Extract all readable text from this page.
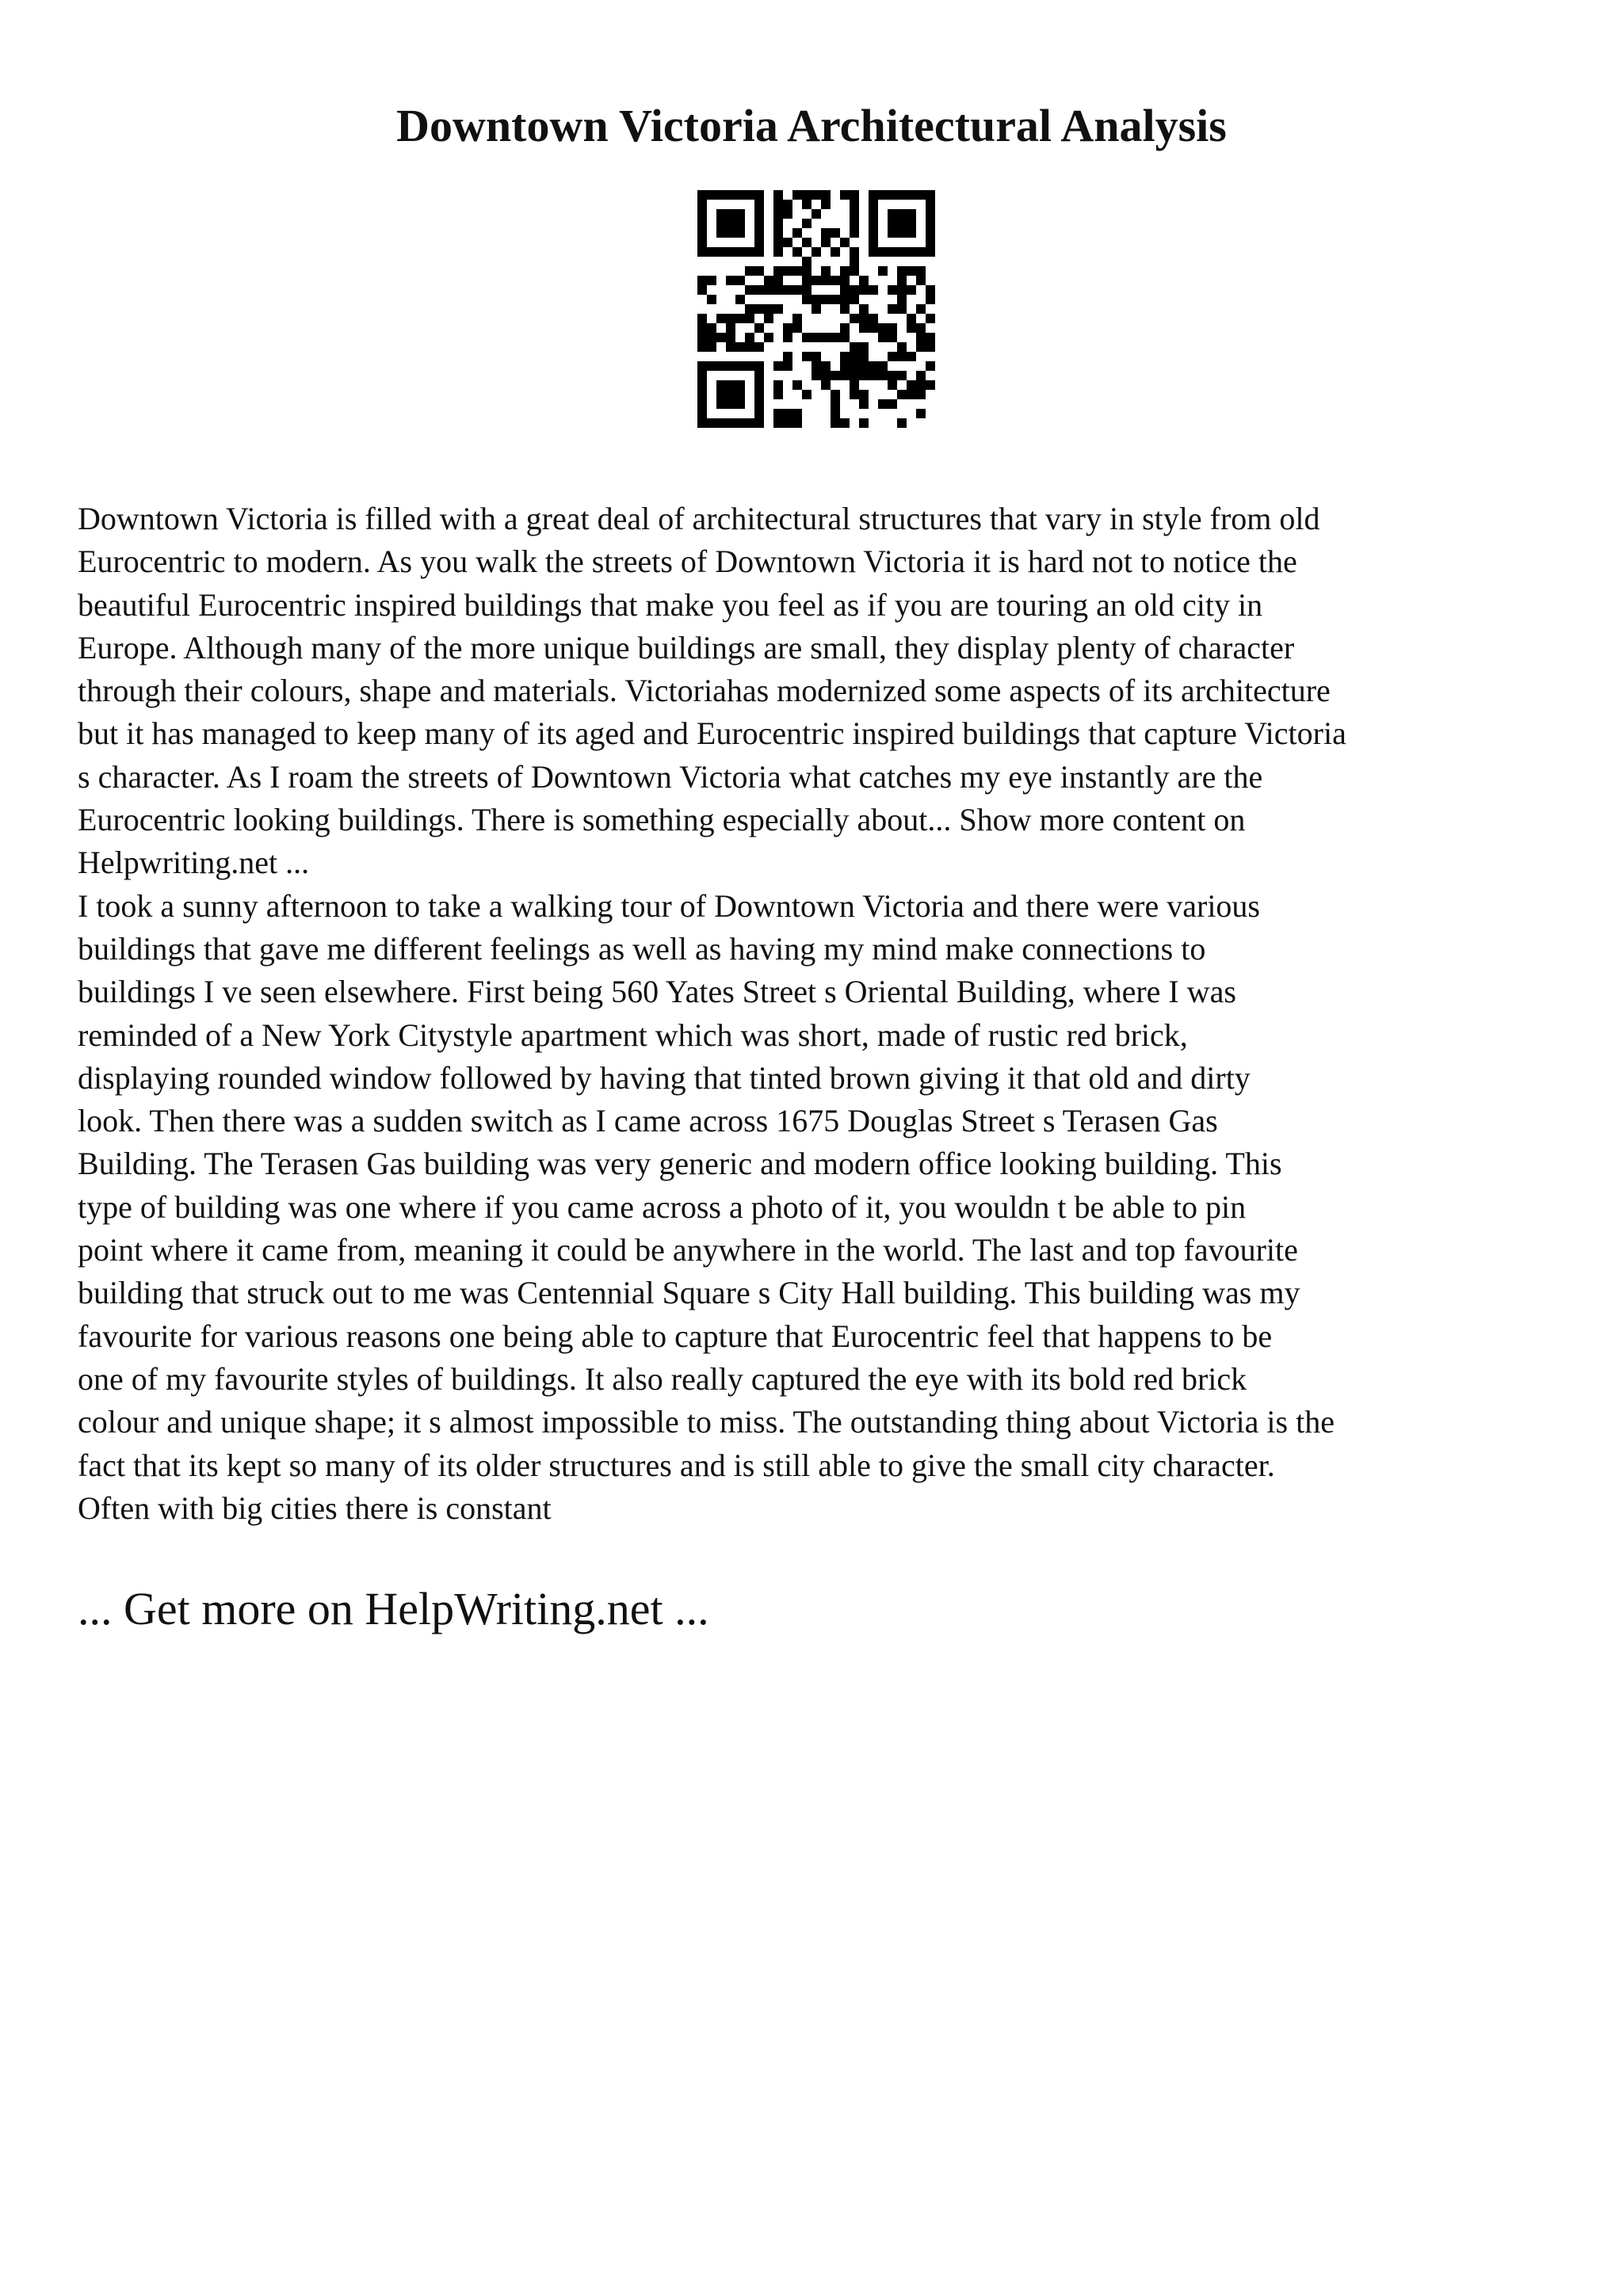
Downtown Victoria Architectural Analysis
Downtown Victoria is filled with a great deal of architectural structures that vary in style from old
Eurocentric to modern. As you walk the streets of Downtown Victoria it is hard not to notice the
beautiful Eurocentric inspired buildings that make you feel as if you are touring an old city in
Europe. Although many of the more unique buildings are small, they display plenty of character
through their colours, shape and materials. Victoriahas modernized some aspects of its architecture
but it has managed to keep many of its aged and Eurocentric inspired buildings that capture Victoria
s character. As I roam the streets of Downtown Victoria what catches my eye instantly are the
Eurocentric looking buildings. There is something especially about... Show more content on
Helpwriting.net ...
I took a sunny afternoon to take a walking tour of Downtown Victoria and there were various
buildings that gave me different feelings as well as having my mind make connections to
buildings I ve seen elsewhere. First being 560 Yates Street s Oriental Building, where I was
reminded of a New York Citystyle apartment which was short, made of rustic red brick,
displaying rounded window followed by having that tinted brown giving it that old and dirty
look. Then there was a sudden switch as I came across 1675 Douglas Street s Terasen Gas
Building. The Terasen Gas building was very generic and modern office looking building. This
type of building was one where if you came across a photo of it, you wouldn t be able to pin
point where it came from, meaning it could be anywhere in the world. The last and top favourite
building that struck out to me was Centennial Square s City Hall building. This building was my
favourite for various reasons one being able to capture that Eurocentric feel that happens to be
one of my favourite styles of buildings. It also really captured the eye with its bold red brick
colour and unique shape; it s almost impossible to miss. The outstanding thing about Victoria is the
fact that its kept so many of its older structures and is still able to give the small city character.
Often with big cities there is constant
... Get more on HelpWriting.net ...
